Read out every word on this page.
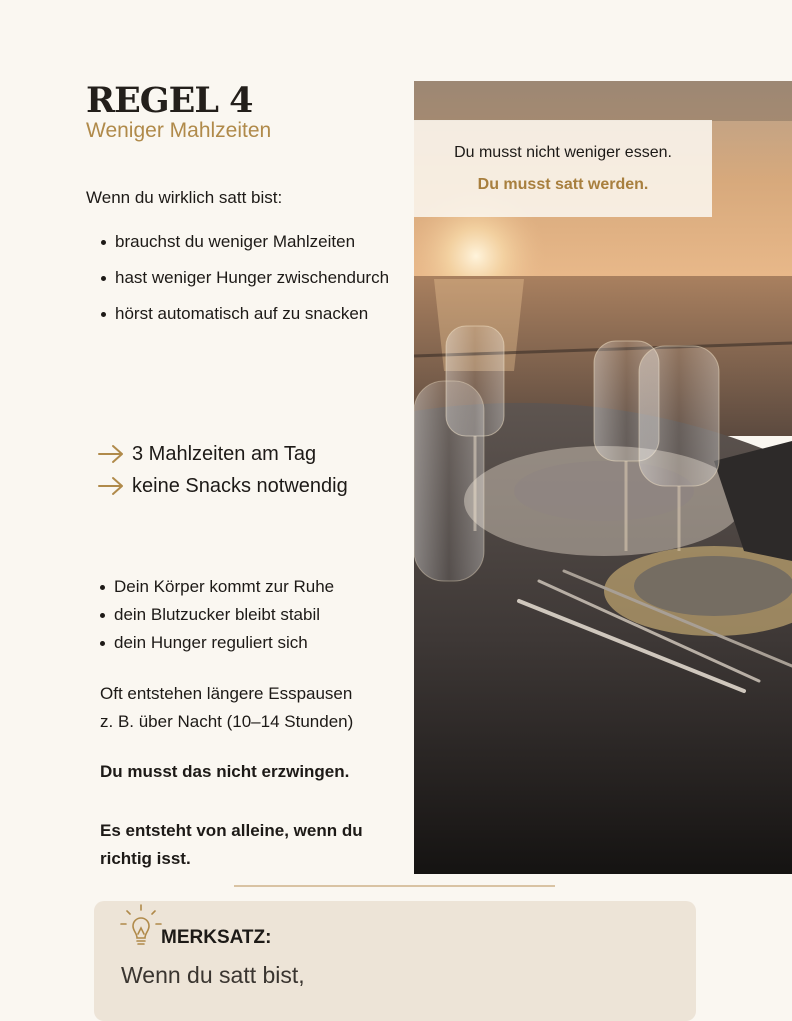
REGEL 4
Weniger Mahlzeiten
Wenn du wirklich satt bist:
brauchst du weniger Mahlzeiten
hast weniger Hunger zwischendurch
hörst automatisch auf zu snacken
3 Mahlzeiten am Tag
keine Snacks notwendig
Dein Körper kommt zur Ruhe
dein Blutzucker bleibt stabil
dein Hunger reguliert sich
Oft entstehen längere Esspausen
z. B. über Nacht (10–14 Stunden)
Du musst das nicht erzwingen.
Es entsteht von alleine, wenn du richtig isst.
Du musst nicht weniger essen.
Du musst satt werden.
MERKSATZ:
Wenn du satt bist,
